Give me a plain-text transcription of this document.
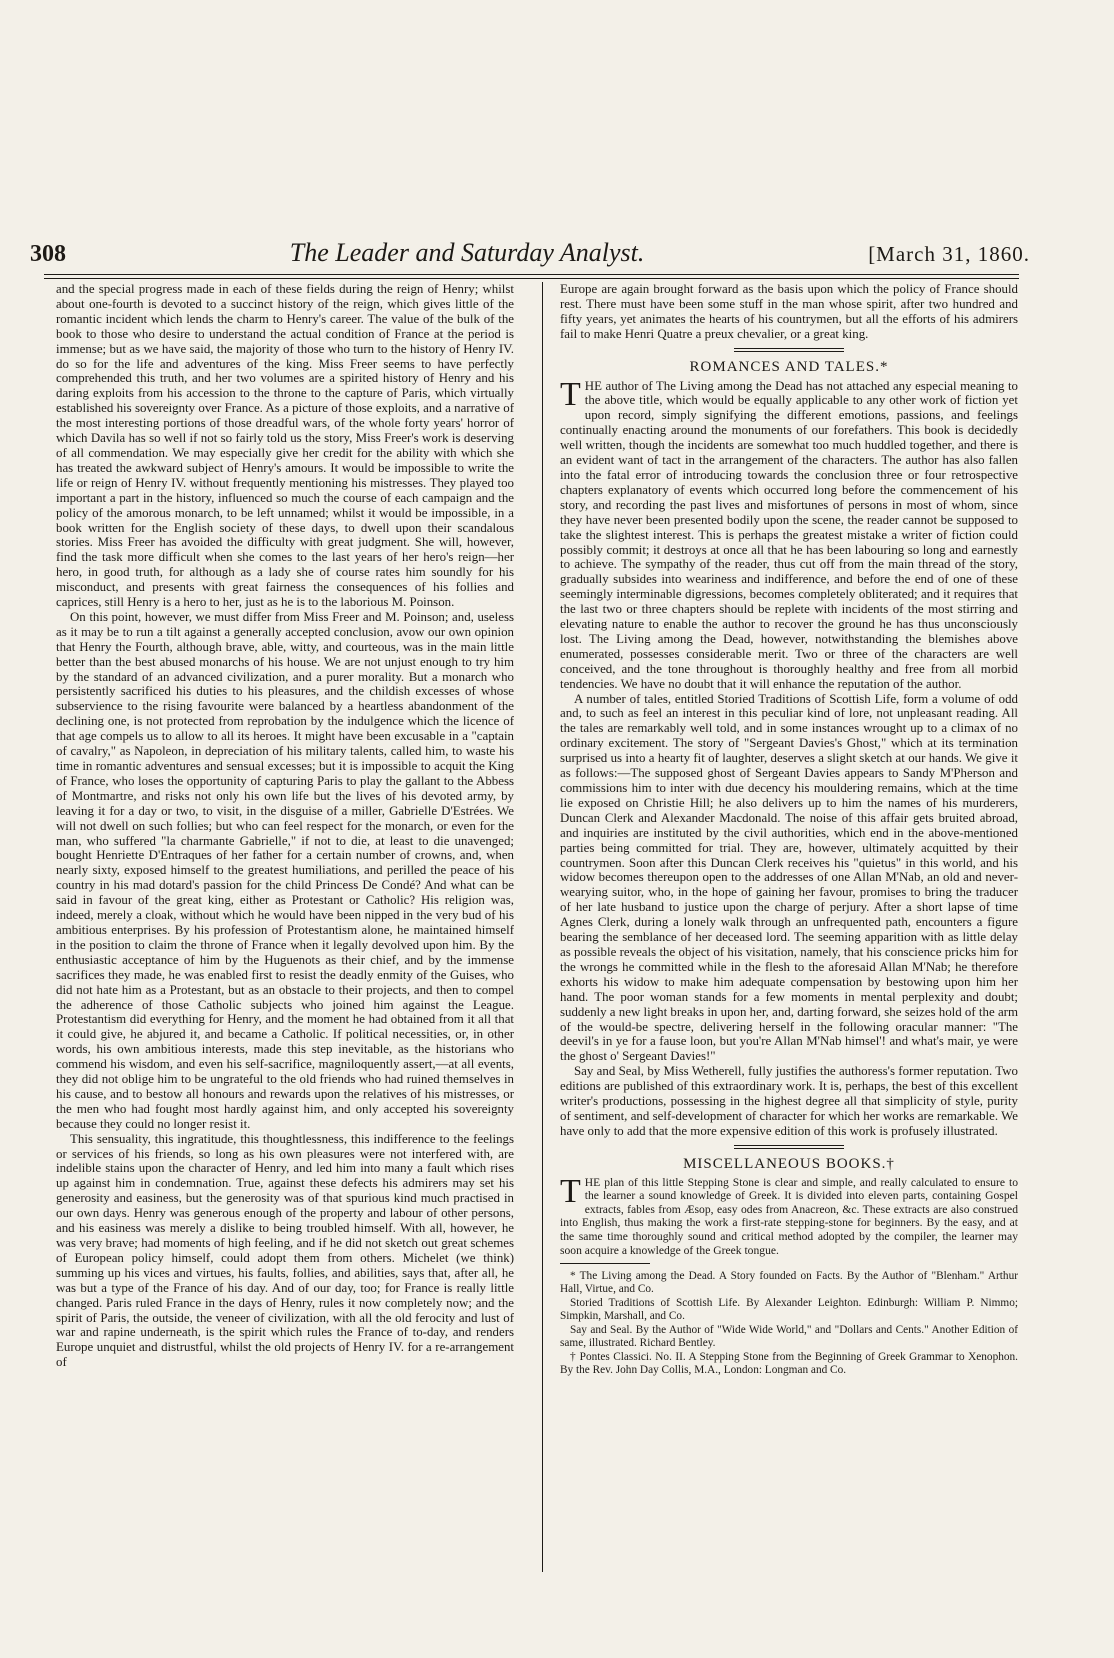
308	The Leader and Saturday Analyst.	[March 31, 1860.

and the special progress made in each of these fields during the reign of Henry; whilst about one-fourth is devoted to a succinct history of the reign, which gives little of the romantic incident which lends the charm to Henry's career. The value of the bulk of the book to those who desire to understand the actual condition of France at the period is immense; but as we have said, the majority of those who turn to the history of Henry IV. do so for the life and adventures of the king. Miss Freer seems to have perfectly comprehended this truth, and her two volumes are a spirited history of Henry and his daring exploits from his accession to the throne to the capture of Paris, which virtually established his sovereignty over France. As a picture of those exploits, and a narrative of the most interesting portions of those dreadful wars, of the whole forty years' horror of which Davila has so well if not so fairly told us the story, Miss Freer's work is deserving of all commendation. We may especially give her credit for the ability with which she has treated the awkward subject of Henry's amours. It would be impossible to write the life or reign of Henry IV. without frequently mentioning his mistresses. They played too important a part in the history, influenced so much the course of each campaign and the policy of the amorous monarch, to be left unnamed; whilst it would be impossible, in a book written for the English society of these days, to dwell upon their scandalous stories. Miss Freer has avoided the difficulty with great judgment. She will, however, find the task more difficult when she comes to the last years of her hero's reign—her hero, in good truth, for although as a lady she of course rates him soundly for his misconduct, and presents with great fairness the consequences of his follies and caprices, still Henry is a hero to her, just as he is to the laborious M. Poinson.

On this point, however, we must differ from Miss Freer and M. Poinson; and, useless as it may be to run a tilt against a generally accepted conclusion, avow our own opinion that Henry the Fourth, although brave, able, witty, and courteous, was in the main little better than the best abused monarchs of his house. We are not unjust enough to try him by the standard of an advanced civilization, and a purer morality. But a monarch who persistently sacrificed his duties to his pleasures, and the childish excesses of whose subservience to the rising favourite were balanced by a heartless abandonment of the declining one, is not protected from reprobation by the indulgence which the licence of that age compels us to allow to all its heroes. It might have been excusable in a "captain of cavalry," as Napoleon, in depreciation of his military talents, called him, to waste his time in romantic adventures and sensual excesses; but it is impossible to acquit the King of France, who loses the opportunity of capturing Paris to play the gallant to the Abbess of Montmartre, and risks not only his own life but the lives of his devoted army, by leaving it for a day or two, to visit, in the disguise of a miller, Gabrielle D'Estrées. We will not dwell on such follies; but who can feel respect for the monarch, or even for the man, who suffered "la charmante Gabrielle," if not to die, at least to die unavenged; bought Henriette D'Entraques of her father for a certain number of crowns, and, when nearly sixty, exposed himself to the greatest humiliations, and perilled the peace of his country in his mad dotard's passion for the child Princess De Condé? And what can be said in favour of the great king, either as Protestant or Catholic? His religion was, indeed, merely a cloak, without which he would have been nipped in the very bud of his ambitious enterprises. By his profession of Protestantism alone, he maintained himself in the position to claim the throne of France when it legally devolved upon him. By the enthusiastic acceptance of him by the Huguenots as their chief, and by the immense sacrifices they made, he was enabled first to resist the deadly enmity of the Guises, who did not hate him as a Protestant, but as an obstacle to their projects, and then to compel the adherence of those Catholic subjects who joined him against the League. Protestantism did everything for Henry, and the moment he had obtained from it all that it could give, he abjured it, and became a Catholic. If political necessities, or, in other words, his own ambitious interests, made this step inevitable, as the historians who commend his wisdom, and even his self-sacrifice, magniloquently assert,—at all events, they did not oblige him to be ungrateful to the old friends who had ruined themselves in his cause, and to bestow all honours and rewards upon the relatives of his mistresses, or the men who had fought most hardly against him, and only accepted his sovereignty because they could no longer resist it.

This sensuality, this ingratitude, this thoughtlessness, this indifference to the feelings or services of his friends, so long as his own pleasures were not interfered with, are indelible stains upon the character of Henry, and led him into many a fault which rises up against him in condemnation. True, against these defects his admirers may set his generosity and easiness, but the generosity was of that spurious kind much practised in our own days. Henry was generous enough of the property and labour of other persons, and his easiness was merely a dislike to being troubled himself. With all, however, he was very brave; had moments of high feeling, and if he did not sketch out great schemes of European policy himself, could adopt them from others. Michelet (we think) summing up his vices and virtues, his faults, follies, and abilities, says that, after all, he was but a type of the France of his day. And of our day, too; for France is really little changed. Paris ruled France in the days of Henry, rules it now completely now; and the spirit of Paris, the outside, the veneer of civilization, with all the old ferocity and lust of war and rapine underneath, is the spirit which rules the France of to-day, and renders Europe unquiet and distrustful, whilst the old projects of Henry IV. for a re-arrangement of

Europe are again brought forward as the basis upon which the policy of France should rest. There must have been some stuff in the man whose spirit, after two hundred and fifty years, yet animates the hearts of his countrymen, but all the efforts of his admirers fail to make Henri Quatre a preux chevalier, or a great king.

ROMANCES AND TALES.*

THE author of The Living among the Dead has not attached any especial meaning to the above title, which would be equally applicable to any other work of fiction yet upon record, simply signifying the different emotions, passions, and feelings continually enacting around the monuments of our forefathers. This book is decidedly well written, though the incidents are somewhat too much huddled together, and there is an evident want of tact in the arrangement of the characters. The author has also fallen into the fatal error of introducing towards the conclusion three or four retrospective chapters explanatory of events which occurred long before the commencement of his story, and recording the past lives and misfortunes of persons in most of whom, since they have never been presented bodily upon the scene, the reader cannot be supposed to take the slightest interest. This is perhaps the greatest mistake a writer of fiction could possibly commit; it destroys at once all that he has been labouring so long and earnestly to achieve. The sympathy of the reader, thus cut off from the main thread of the story, gradually subsides into weariness and indifference, and before the end of one of these seemingly interminable digressions, becomes completely obliterated; and it requires that the last two or three chapters should be replete with incidents of the most stirring and elevating nature to enable the author to recover the ground he has thus unconsciously lost. The Living among the Dead, however, notwithstanding the blemishes above enumerated, possesses considerable merit. Two or three of the characters are well conceived, and the tone throughout is thoroughly healthy and free from all morbid tendencies. We have no doubt that it will enhance the reputation of the author.

A number of tales, entitled Storied Traditions of Scottish Life, form a volume of odd and, to such as feel an interest in this peculiar kind of lore, not unpleasant reading. All the tales are remarkably well told, and in some instances wrought up to a climax of no ordinary excitement. The story of "Sergeant Davies's Ghost," which at its termination surprised us into a hearty fit of laughter, deserves a slight sketch at our hands. We give it as follows:—The supposed ghost of Sergeant Davies appears to Sandy M'Pherson and commissions him to inter with due decency his mouldering remains, which at the time lie exposed on Christie Hill; he also delivers up to him the names of his murderers, Duncan Clerk and Alexander Macdonald. The noise of this affair gets bruited abroad, and inquiries are instituted by the civil authorities, which end in the above-mentioned parties being committed for trial. They are, however, ultimately acquitted by their countrymen. Soon after this Duncan Clerk receives his "quietus" in this world, and his widow becomes thereupon open to the addresses of one Allan M'Nab, an old and never-wearying suitor, who, in the hope of gaining her favour, promises to bring the traducer of her late husband to justice upon the charge of perjury. After a short lapse of time Agnes Clerk, during a lonely walk through an unfrequented path, encounters a figure bearing the semblance of her deceased lord. The seeming apparition with as little delay as possible reveals the object of his visitation, namely, that his conscience pricks him for the wrongs he committed while in the flesh to the aforesaid Allan M'Nab; he therefore exhorts his widow to make him adequate compensation by bestowing upon him her hand. The poor woman stands for a few moments in mental perplexity and doubt; suddenly a new light breaks in upon her, and, darting forward, she seizes hold of the arm of the would-be spectre, delivering herself in the following oracular manner: "The deevil's in ye for a fause loon, but you're Allan M'Nab himsel'! and what's mair, ye were the ghost o' Sergeant Davies!"

Say and Seal, by Miss Wetherell, fully justifies the authoress's former reputation. Two editions are published of this extraordinary work. It is, perhaps, the best of this excellent writer's productions, possessing in the highest degree all that simplicity of style, purity of sentiment, and self-development of character for which her works are remarkable. We have only to add that the more expensive edition of this work is profusely illustrated.

MISCELLANEOUS BOOKS.†

THE plan of this little Stepping Stone is clear and simple, and really calculated to ensure to the learner a sound knowledge of Greek. It is divided into eleven parts, containing Gospel extracts, fables from Æsop, easy odes from Anacreon, &c. These extracts are also construed into English, thus making the work a first-rate stepping-stone for beginners. By the easy, and at the same time thoroughly sound and critical method adopted by the compiler, the learner may soon acquire a knowledge of the Greek tongue.

* The Living among the Dead. A Story founded on Facts. By the Author of "Blenham." Arthur Hall, Virtue, and Co.

Storied Traditions of Scottish Life. By Alexander Leighton. Edinburgh: William P. Nimmo; Simpkin, Marshall, and Co.

Say and Seal. By the Author of "Wide Wide World," and "Dollars and Cents." Another Edition of same, illustrated. Richard Bentley.

† Pontes Classici. No. II. A Stepping Stone from the Beginning of Greek Grammar to Xenophon. By the Rev. John Day Collis, M.A., London: Longman and Co.
